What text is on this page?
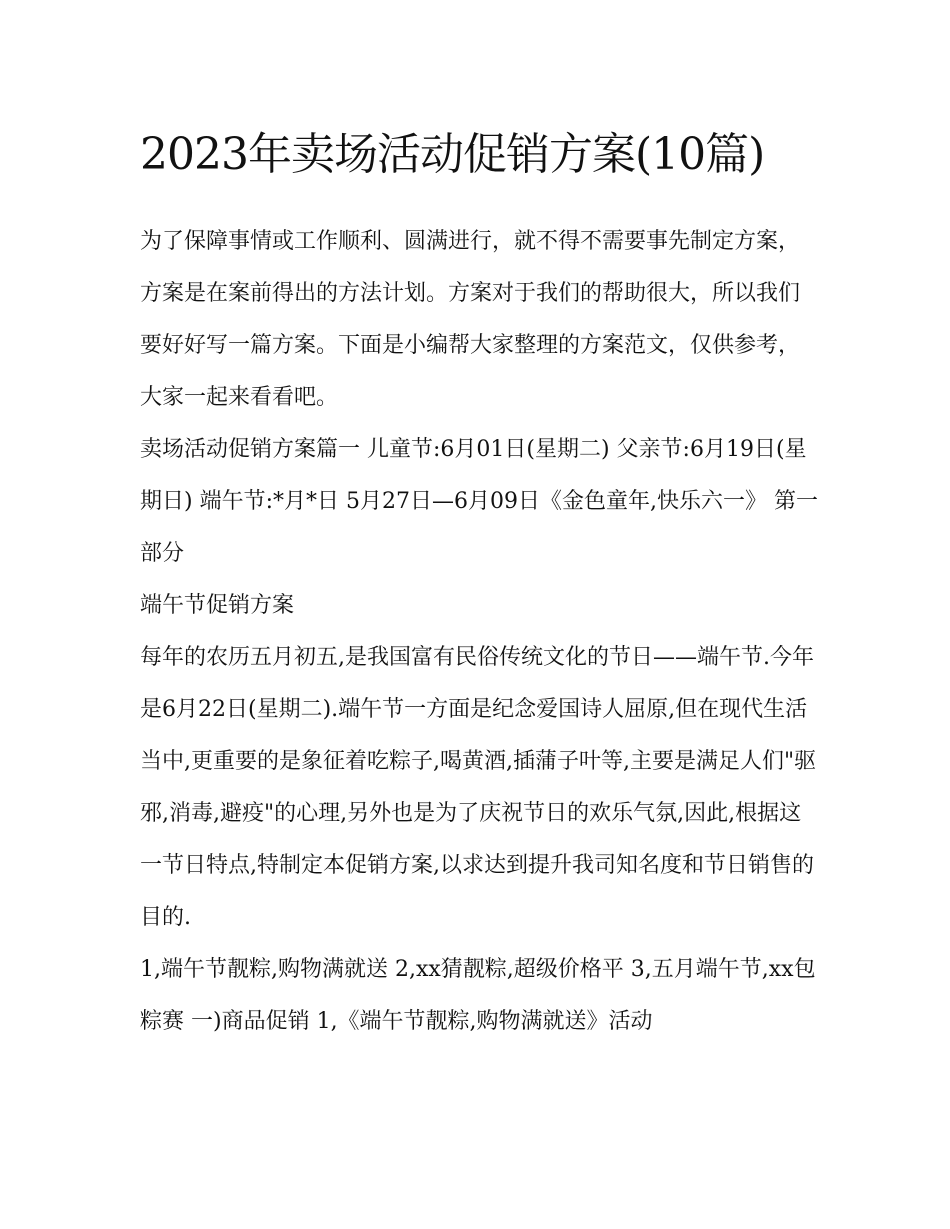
2023年卖场活动促销方案(10篇)

为了保障事情或工作顺利、圆满进行，就不得不需要事先制定方案，方案是在案前得出的方法计划。方案对于我们的帮助很大，所以我们要好好写一篇方案。下面是小编帮大家整理的方案范文，仅供参考，大家一起来看看吧。

卖场活动促销方案篇一 儿童节:6月01日(星期二) 父亲节:6月19日(星期日) 端午节:*月*日 5月27日—6月09日《金色童年,快乐六一》 第一部分

端午节促销方案

每年的农历五月初五,是我国富有民俗传统文化的节日——端午节.今年是6月22日(星期二).端午节一方面是纪念爱国诗人屈原,但在现代生活当中,更重要的是象征着吃粽子,喝黄酒,插蒲子叶等,主要是满足人们"驱邪,消毒,避疫"的心理,另外也是为了庆祝节日的欢乐气氛,因此,根据这一节日特点,特制定本促销方案,以求达到提升我司知名度和节日销售的目的.

1,端午节靓粽,购物满就送 2,xx猜靓粽,超级价格平 3,五月端午节,xx包粽赛 一)商品促销 1,《端午节靓粽,购物满就送》活动
